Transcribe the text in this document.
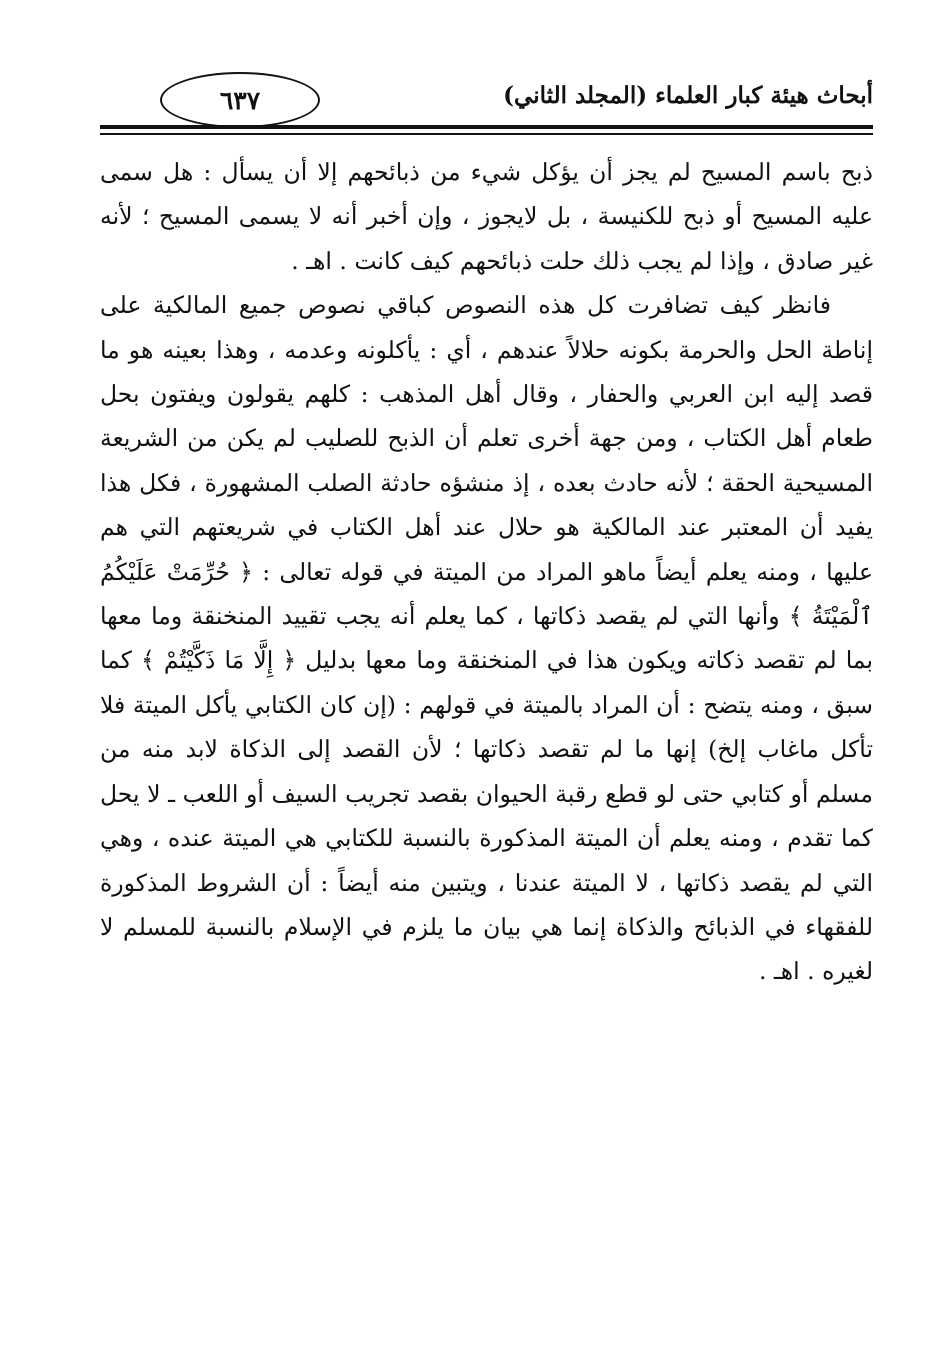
٦٣٧	أبحاث هيئة كبار العلماء (المجلد الثاني)

ذبح باسم المسيح لم يجز أن يؤكل شيء من ذبائحهم إلا أن يسأل : هل سمى عليه المسيح أو ذبح للكنيسة ، بل لايجوز ، وإن أخبر أنه لا يسمى المسيح ؛ لأنه غير صادق ، وإذا لم يجب ذلك حلت ذبائحهم كيف كانت . اهـ .

فانظر كيف تضافرت كل هذه النصوص كباقي نصوص جميع المالكية على إناطة الحل والحرمة بكونه حلالاً عندهم ، أي : يأكلونه وعدمه ، وهذا بعينه هو ما قصد إليه ابن العربي والحفار ، وقال أهل المذهب : كلهم يقولون ويفتون بحل طعام أهل الكتاب ، ومن جهة أخرى تعلم أن الذبح للصليب لم يكن من الشريعة المسيحية الحقة ؛ لأنه حادث بعده ، إذ منشؤه حادثة الصلب المشهورة ، فكل هذا يفيد أن المعتبر عند المالكية هو حلال عند أهل الكتاب في شريعتهم التي هم عليها ، ومنه يعلم أيضاً ماهو المراد من الميتة في قوله تعالى : ﴿ حُرِّمَتْ عَلَيْكُمُ ٱلْمَيْتَةُ ﴾ وأنها التي لم يقصد ذكاتها ، كما يعلم أنه يجب تقييد المنخنقة وما معها بما لم تقصد ذكاته ويكون هذا في المنخنقة وما معها بدليل ﴿ إِلَّا مَا ذَكَّيْتُمْ ﴾ كما سبق ، ومنه يتضح : أن المراد بالميتة في قولهم : (إن كان الكتابي يأكل الميتة فلا تأكل ماغاب إلخ) إنها ما لم تقصد ذكاتها ؛ لأن القصد إلى الذكاة لابد منه من مسلم أو كتابي حتى لو قطع رقبة الحيوان بقصد تجريب السيف أو اللعب ـ لا يحل كما تقدم ، ومنه يعلم أن الميتة المذكورة بالنسبة للكتابي هي الميتة عنده ، وهي التي لم يقصد ذكاتها ، لا الميتة عندنا ، ويتبين منه أيضاً : أن الشروط المذكورة للفقهاء في الذبائح والذكاة إنما هي بيان ما يلزم في الإسلام بالنسبة للمسلم لا لغيره . اهـ .
